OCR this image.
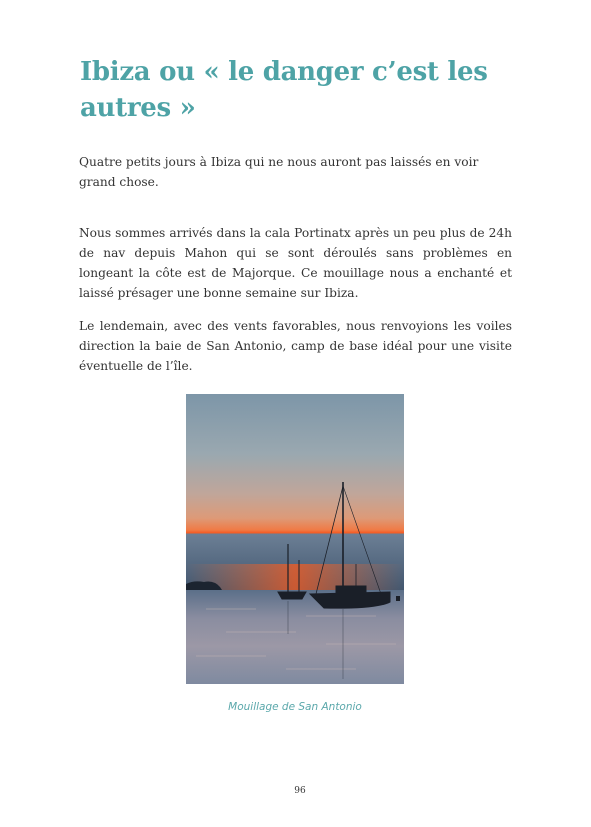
Ibiza ou « le danger c’est les autres »

Quatre petits jours à Ibiza qui ne nous auront pas laissés en voir grand chose.

Nous sommes arrivés dans la cala Portinatx après un peu plus de 24h de nav depuis Mahon qui se sont déroulés sans problèmes en longeant la côte est de Majorque. Ce mouillage nous a enchanté et laissé présager une bonne semaine sur Ibiza.

Le lendemain, avec des vents favorables, nous renvoyions les voiles direction la baie de San Antonio, camp de base idéal pour une visite éventuelle de l’île.

Mouillage de San Antonio
96
